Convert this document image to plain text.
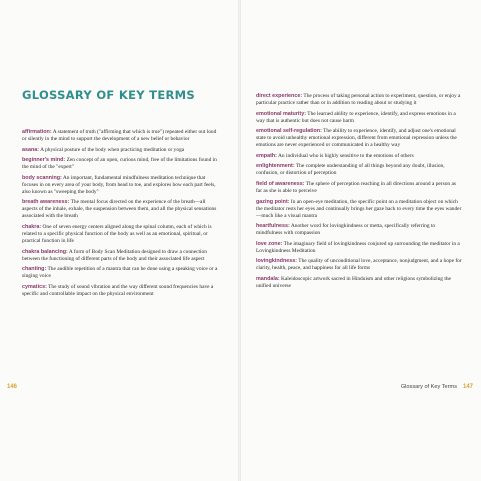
GLOSSARY OF KEY TERMS

affirmation: A statement of truth ("affirming that which is true") repeated either out loud or silently in the mind to support the development of a new belief or behavior

asana: A physical posture of the body when practicing meditation or yoga

beginner's mind: Zen concept of an open, curious mind, free of the limitations found in the mind of the "expert"

body scanning: An important, fundamental mindfulness meditation technique that focuses in on every area of your body, from head to toe, and explores how each part feels, also known as "sweeping the body"

breath awareness: The mental focus directed on the experience of the breath—all aspects of the inhale, exhale, the suspension between them, and all the physical sensations associated with the breath

chakra: One of seven energy centers aligned along the spinal column, each of which is related to a specific physical function of the body as well as an emotional, spiritual, or practical function in life

chakra balancing: A form of Body Scan Meditation designed to draw a connection between the functioning of different parts of the body and their associated life aspect

chanting: The audible repetition of a mantra that can be done using a speaking voice or a singing voice

cymatics: The study of sound vibration and the way different sound frequencies have a specific and controllable impact on the physical environment

146

direct experience: The process of taking personal action to experiment, question, or enjoy a particular practice rather than or in addition to reading about or studying it

emotional maturity: The learned ability to experience, identify, and express emotions in a way that is authentic but does not cause harm

emotional self-regulation: The ability to experience, identify, and adjust one's emotional state to avoid unhealthy emotional expression, different from emotional repression unless the emotions are never experienced or communicated in a healthy way

empath: An individual who is highly sensitive to the emotions of others

enlightenment: The complete understanding of all things beyond any doubt, illusion, confusion, or distortion of perception

field of awareness: The sphere of perception reaching in all directions around a person as far as she is able to perceive

gazing point: In an open-eye meditation, the specific point on a meditation object on which the meditator rests her eyes and continually brings her gaze back to every time the eyes wander—much like a visual mantra

heartfulness: Another word for lovingkindness or metta, specifically referring to mindfulness with compassion

love zone: The imaginary field of lovingkindness conjured up surrounding the meditator in a Lovingkindness Meditation

lovingkindness: The quality of unconditional love, acceptance, nonjudgment, and a hope for clarity, health, peace, and happiness for all life forms

mandala: Kaleidoscopic artwork sacred in Hinduism and other religions symbolizing the unified universe

Glossary of Key Terms 147
